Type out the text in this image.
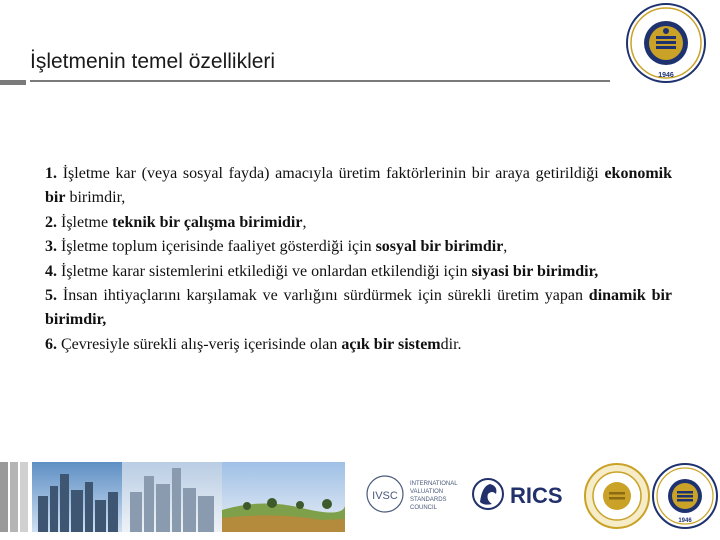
İşletmenin temel özellikleri
1946
1. İşletme kar (veya sosyal fayda) amacıyla üretim faktörlerinin bir araya getirildiği ekonomik bir birimdir,
2. İşletme teknik bir çalışma birimidir,
3. İşletme toplum içerisinde faaliyet gösterdiği için sosyal bir birimdir,
4. İşletme karar sistemlerini etkilediği ve onlardan etkilendiği için siyasi bir birimdir,
5. İnsan ihtiyaçlarını karşılamak ve varlığını sürdürmek için sürekli üretim yapan dinamik bir birimdir,
6. Çevresiyle sürekli alış-veriş içerisinde olan açık bir sistemdir.
IVSC
INTERNATIONAL
VALUATION
STANDARDS
COUNCIL	RICS
1946
